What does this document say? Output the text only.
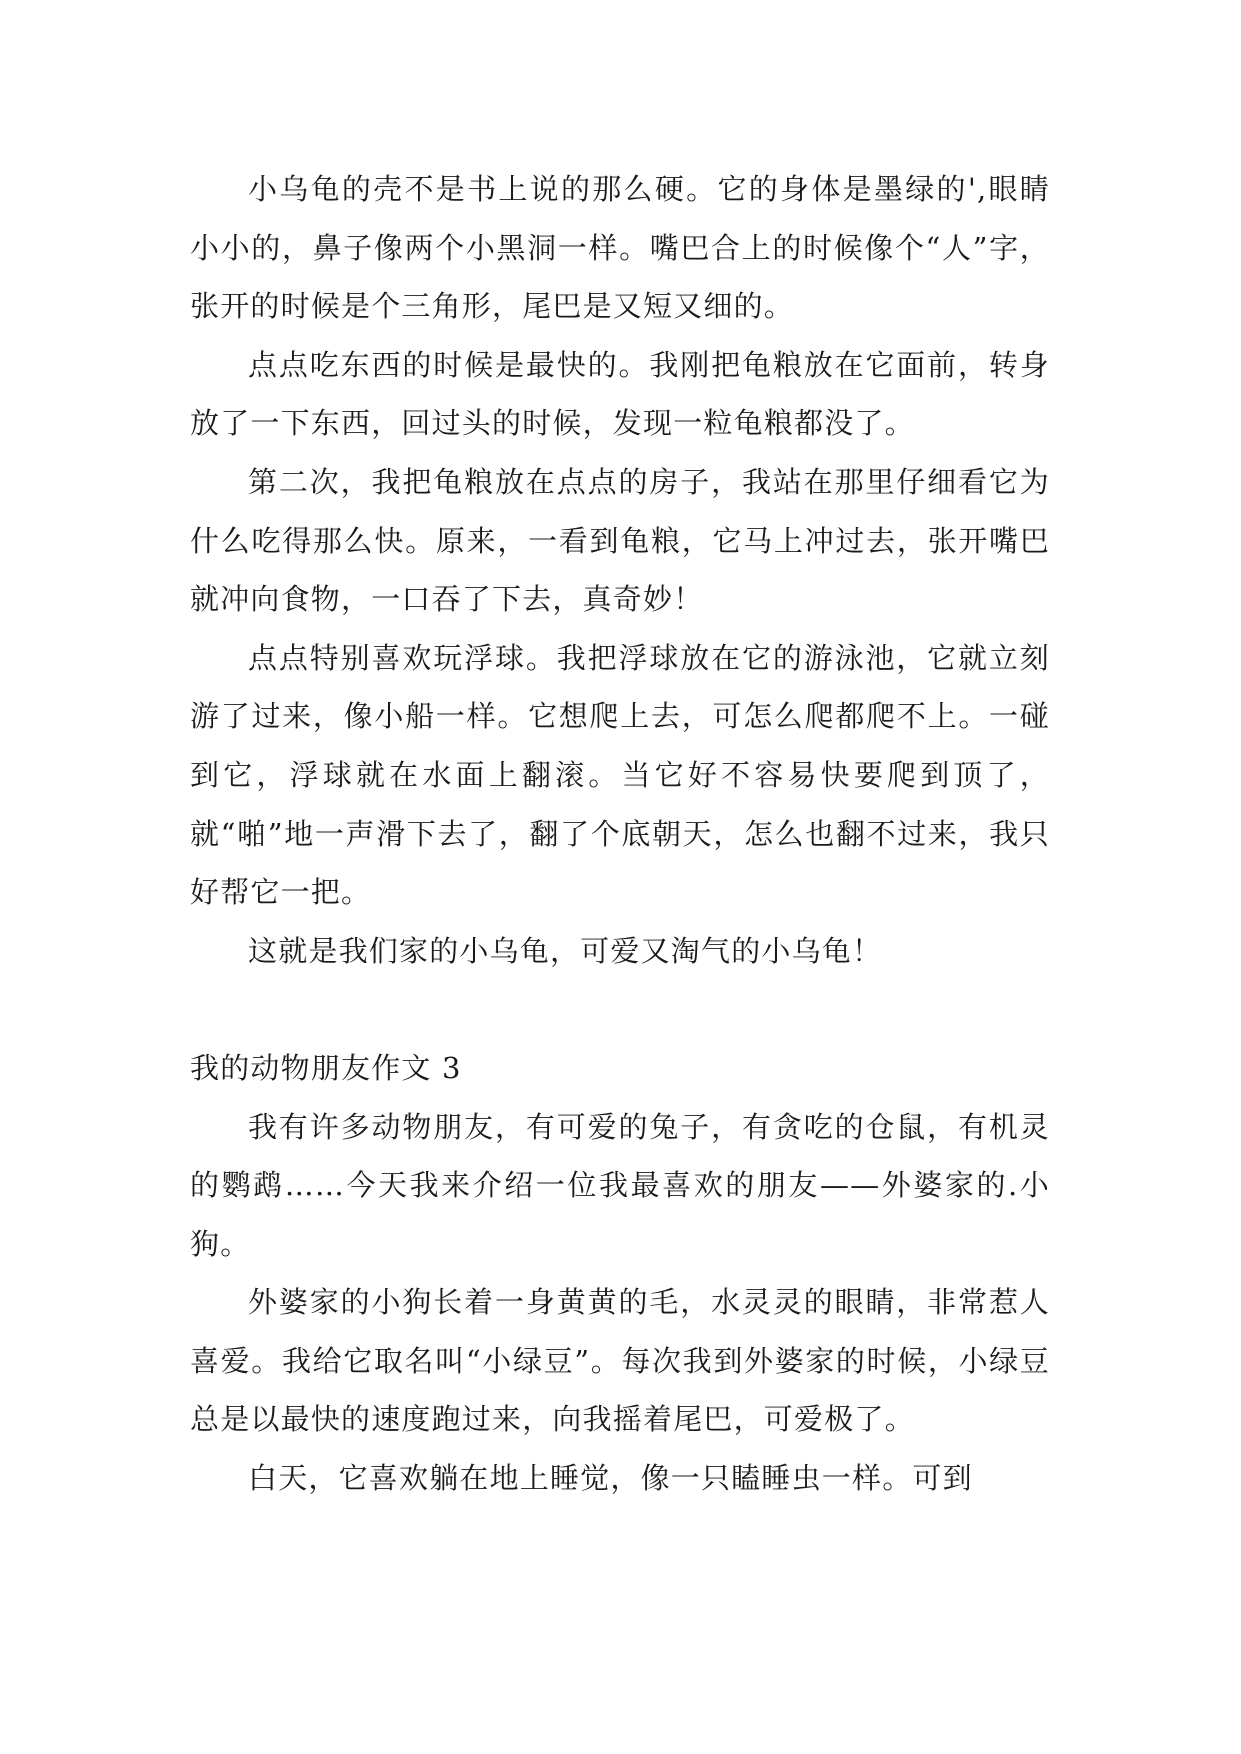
小乌龟的壳不是书上说的那么硬。它的身体是墨绿的',眼睛小小的，鼻子像两个小黑洞一样。嘴巴合上的时候像个“人”字，张开的时候是个三角形，尾巴是又短又细的。

点点吃东西的时候是最快的。我刚把龟粮放在它面前，转身放了一下东西，回过头的时候，发现一粒龟粮都没了。

第二次，我把龟粮放在点点的房子，我站在那里仔细看它为什么吃得那么快。原来，一看到龟粮，它马上冲过去，张开嘴巴就冲向食物，一口吞了下去，真奇妙！

点点特别喜欢玩浮球。我把浮球放在它的游泳池，它就立刻游了过来，像小船一样。它想爬上去，可怎么爬都爬不上。一碰到它，浮球就在水面上翻滚。当它好不容易快要爬到顶了，就“啪”地一声滑下去了，翻了个底朝天，怎么也翻不过来，我只好帮它一把。

这就是我们家的小乌龟，可爱又淘气的小乌龟！

我的动物朋友作文 3

我有许多动物朋友，有可爱的兔子，有贪吃的仓鼠，有机灵的鹦鹉……今天我来介绍一位我最喜欢的朋友——外婆家的.小狗。

外婆家的小狗长着一身黄黄的毛，水灵灵的眼睛，非常惹人喜爱。我给它取名叫“小绿豆”。每次我到外婆家的时候，小绿豆总是以最快的速度跑过来，向我摇着尾巴，可爱极了。

白天，它喜欢躺在地上睡觉，像一只瞌睡虫一样。可到
